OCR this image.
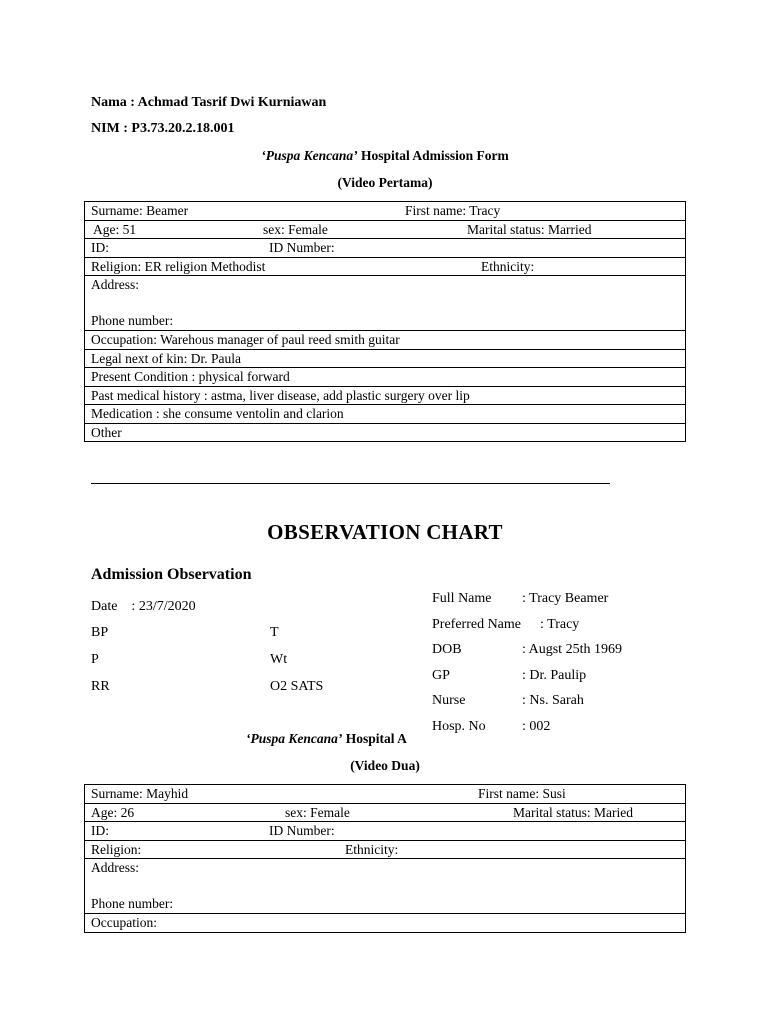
Nama : Achmad Tasrif Dwi Kurniawan
NIM : P3.73.20.2.18.001
‘Puspa Kencana’ Hospital Admission Form
(Video Pertama)
Surname: Beamer	First name: Tracy

Age: 51	sex: Female	Marital status: Married

ID:	ID Number:

Religion: ER religion Methodist	Ethnicity:

Address:
Phone number:

Occupation: Warehous manager of paul reed smith guitar
Legal next of kin: Dr. Paula
Present Condition : physical forward
Past medical history : astma, liver disease, add plastic surgery over lip
Medication : she consume ventolin and clarion
Other
OBSERVATION CHART
Admission Observation
Date    : 23/7/2020
BP	T
P	Wt
RR	O2 SATS
Full Name : Tracy Beamer
Preferred Name : Tracy
DOB	: Augst 25th 1969
GP	: Dr. Paulip
Nurse	: Ns. Sarah
Hosp. No	: 002
‘Puspa Kencana’ Hospital A
(Video Dua)
Surname: Mayhid	First name: Susi

Age: 26	sex: Female	Marital status: Maried

ID:	ID Number:

Religion:	Ethnicity:

Address:
Phone number:

Occupation:
